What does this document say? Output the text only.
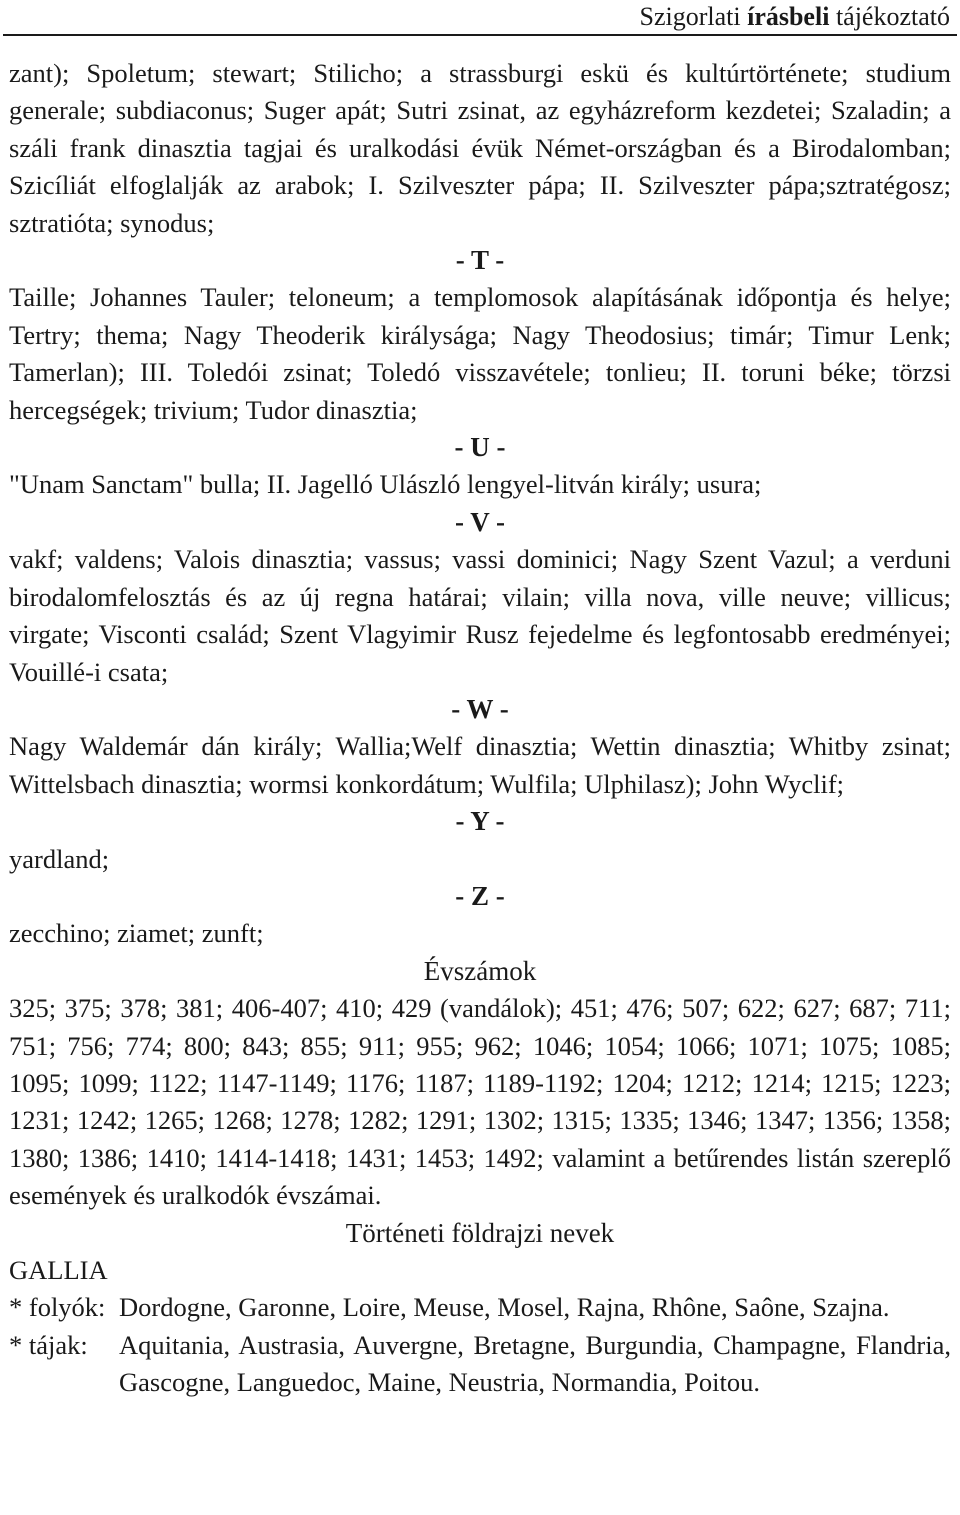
Szigorlati írásbeli tájékoztató

zant); Spoletum; stewart; Stilicho; a strassburgi eskü és kultúrtörténete; studium generale; subdiaconus; Suger apát; Sutri zsinat, az egyházreform kezdetei; Szaladin; a száli frank dinasztia tagjai és uralkodási évük Német-országban és a Birodalomban; Szicíliát elfoglalják az arabok; I. Szilveszter pápa; II. Szilveszter pápa;sztratégosz; sztratióta; synodus;

- T -

Taille; Johannes Tauler; teloneum; a templomosok alapításának időpontja és helye; Tertry; thema; Nagy Theoderik királysága; Nagy Theodosius; timár; Timur Lenk; Tamerlan); III. Toledói zsinat; Toledó visszavétele; tonlieu; II. toruni béke; törzsi hercegségek; trivium; Tudor dinasztia;

- U -

"Unam Sanctam" bulla; II. Jagelló Ulászló lengyel-litván király; usura;

- V -

vakf; valdens; Valois dinasztia; vassus; vassi dominici; Nagy Szent Vazul; a verduni birodalomfelosztás és az új regna határai; vilain; villa nova, ville neuve; villicus; virgate; Visconti család; Szent Vlagyimir Rusz fejedelme és legfontosabb eredményei; Vouillé-i csata;

- W -

Nagy Waldemár dán király; Wallia;Welf dinasztia; Wettin dinasztia; Whitby zsinat; Wittelsbach dinasztia; wormsi konkordátum; Wulfila; Ulphilasz); John Wyclif;

- Y -

yardland;

- Z -

zecchino; ziamet; zunft;

Évszámok

325; 375; 378; 381; 406-407; 410; 429 (vandálok); 451; 476; 507; 622; 627; 687; 711; 751; 756; 774; 800; 843; 855; 911; 955; 962; 1046; 1054; 1066; 1071; 1075; 1085; 1095; 1099; 1122; 1147-1149; 1176; 1187; 1189-1192; 1204; 1212; 1214; 1215; 1223; 1231; 1242; 1265; 1268; 1278; 1282; 1291; 1302; 1315; 1335; 1346; 1347; 1356; 1358; 1380; 1386; 1410; 1414-1418; 1431; 1453; 1492; valamint a betűrendes listán szereplő események és uralkodók évszámai.

Történeti földrajzi nevek

GALLIA

* folyók: Dordogne, Garonne, Loire, Meuse, Mosel, Rajna, Rhône, Saône, Szajna.
* tájak:	Aquitania, Austrasia, Auvergne, Bretagne, Burgundia, Champagne, Flandria, Gascogne, Languedoc, Maine, Neustria, Normandia, Poitou.
